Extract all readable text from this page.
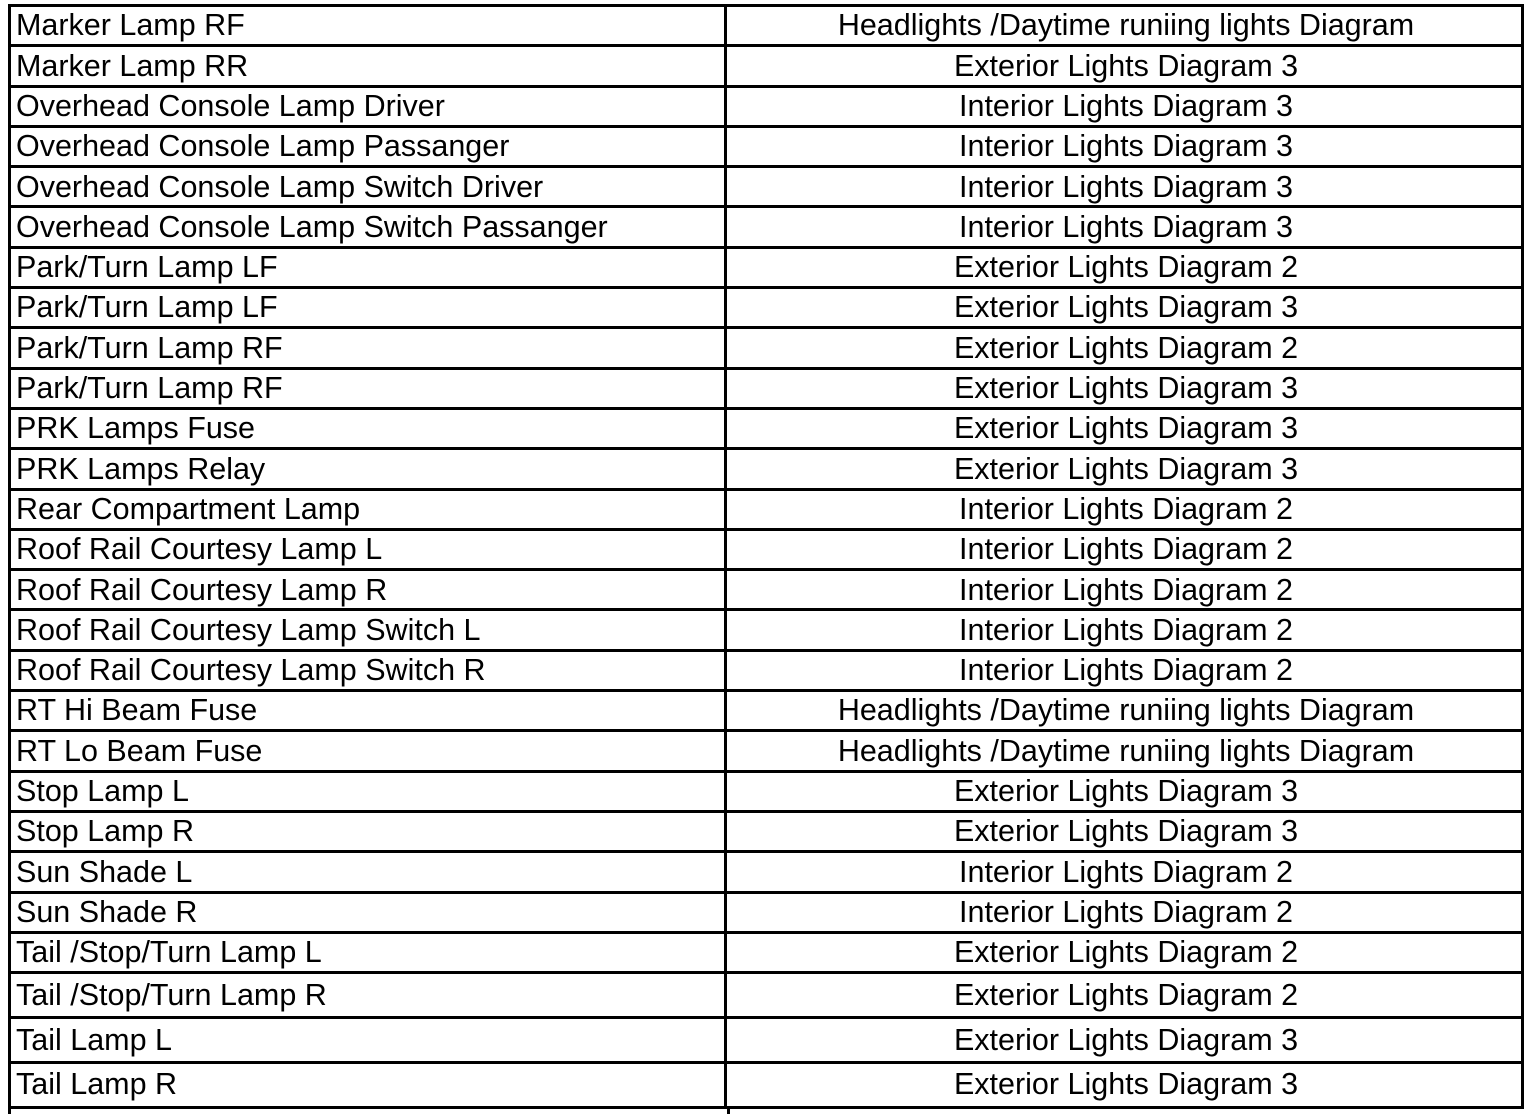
Marker Lamp RF	Headlights /Daytime runiing lights Diagram
Marker Lamp RR	Exterior Lights Diagram 3
Overhead Console Lamp Driver	Interior Lights Diagram 3
Overhead Console Lamp Passanger	Interior Lights Diagram 3
Overhead Console Lamp Switch Driver	Interior Lights Diagram 3
Overhead Console Lamp Switch Passanger	Interior Lights Diagram 3
Park/Turn Lamp LF	Exterior Lights Diagram 2
Park/Turn Lamp LF	Exterior Lights Diagram 3
Park/Turn Lamp RF	Exterior Lights Diagram 2
Park/Turn Lamp RF	Exterior Lights Diagram 3
PRK Lamps Fuse	Exterior Lights Diagram 3
PRK Lamps Relay	Exterior Lights Diagram 3
Rear Compartment Lamp	Interior Lights Diagram 2
Roof Rail Courtesy Lamp L	Interior Lights Diagram 2
Roof Rail Courtesy Lamp R	Interior Lights Diagram 2
Roof Rail Courtesy Lamp Switch L	Interior Lights Diagram 2
Roof Rail Courtesy Lamp Switch R	Interior Lights Diagram 2
RT Hi Beam Fuse	Headlights /Daytime runiing lights Diagram
RT Lo Beam Fuse	Headlights /Daytime runiing lights Diagram
Stop Lamp L	Exterior Lights Diagram 3
Stop Lamp R	Exterior Lights Diagram 3
Sun Shade L	Interior Lights Diagram 2
Sun Shade R	Interior Lights Diagram 2
Tail /Stop/Turn Lamp L	Exterior Lights Diagram 2
Tail /Stop/Turn Lamp R	Exterior Lights Diagram 2
Tail Lamp L	Exterior Lights Diagram 3
Tail Lamp R	Exterior Lights Diagram 3
